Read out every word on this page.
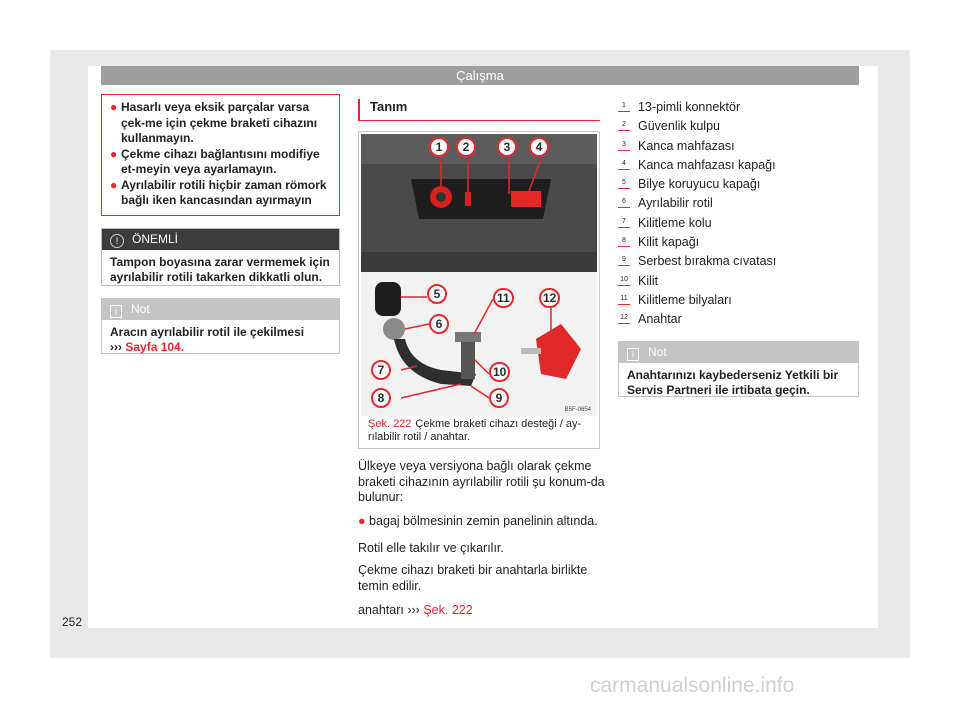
Çalışma
● Hasarlı veya eksik parçalar varsa çek-me için çekme braketi cihazını kullanmayın.
● Çekme cihazı bağlantısını modifiye et-meyin veya ayarlamayın.
● Ayrılabilir rotili hiçbir zaman römork bağlı iken kancasından ayırmayın
! ÖNEMLİ
Tampon boyasına zarar vermemek için ayrılabilir rotili takarken dikkatli olun.
i Not
Aracın ayrılabilir rotil ile çekilmesi
››› Sayfa 104.
Tanım
1	2	3	4
5
6
7
8	9
10
11	12
B5F-0654
Şek. 222 Çekme braketi cihazı desteği / ay-rılabilir rotil / anahtar.
Ülkeye veya versiyona bağlı olarak çekme braketi cihazının ayrılabilir rotili şu konum-da bulunur:
● bagaj bölmesinin zemin panelinin altında.
Rotil elle takılır ve çıkarılır.
Çekme cihazı braketi bir anahtarla birlikte temin edilir.
anahtarı ››› Şek. 222
1 13-pimli konnektör
2 Güvenlik kulpu
3 Kanca mahfazası
4 Kanca mahfazası kapağı
5 Bilye koruyucu kapağı
6 Ayrılabilir rotil
7 Kilitleme kolu
8 Kilit kapağı
9 Serbest bırakma cıvatası
10 Kilit
11 Kilitleme bilyaları
12 Anahtar
i Not
Anahtarınızı kaybederseniz Yetkili bir Servis Partneri ile irtibata geçin.
252
carmanualsonline.info
